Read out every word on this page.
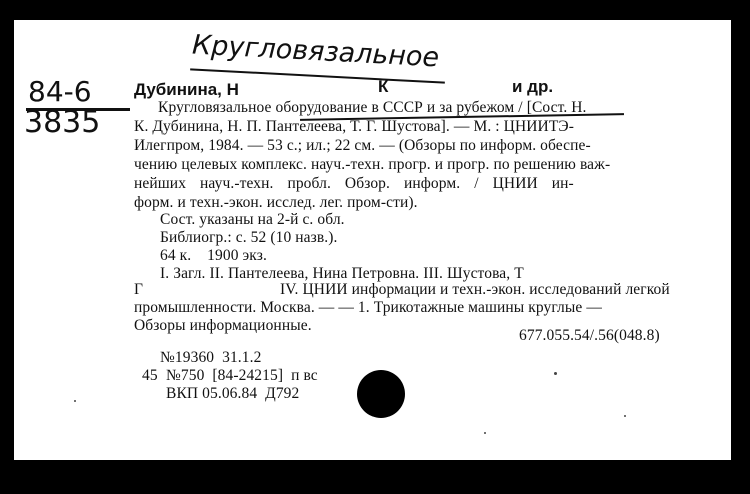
Кругловязальное
84-6
3835
Дубинина, Н	К	и др.
Кругловязальное оборудование в СССР и за рубежом / [Сост. Н.
К. Дубинина, Н. П. Пантелеева, Т. Г. Шустова]. — М. : ЦНИИТЭ-
Илегпром, 1984. — 53 с.; ил.; 22 см. — (Обзоры по информ. обеспе-
чению целевых комплекс. науч.-техн. прогр. и прогр. по решению важ-
нейших науч.-техн. пробл. Обзор. информ. / ЦНИИ ин-
форм. и техн.-экон. исслед. лег. пром-сти).
Сост. указаны на 2-й с. обл.
Библиогр.: с. 52 (10 назв.).
64 к.    1900 экз.
I. Загл. II. Пантелеева, Нина Петровна. III. Шустова, Т
Г	IV. ЦНИИ информации и техн.-экон. исследований легкой
промышленности. Москва. — — 1. Трикотажные машины круглые —
Обзоры информационные.
677.055.54/.56(048.8)
№19360  31.1.2
45 №750  [84-24215]  п вс
ВКП 05.06.84  Д792
